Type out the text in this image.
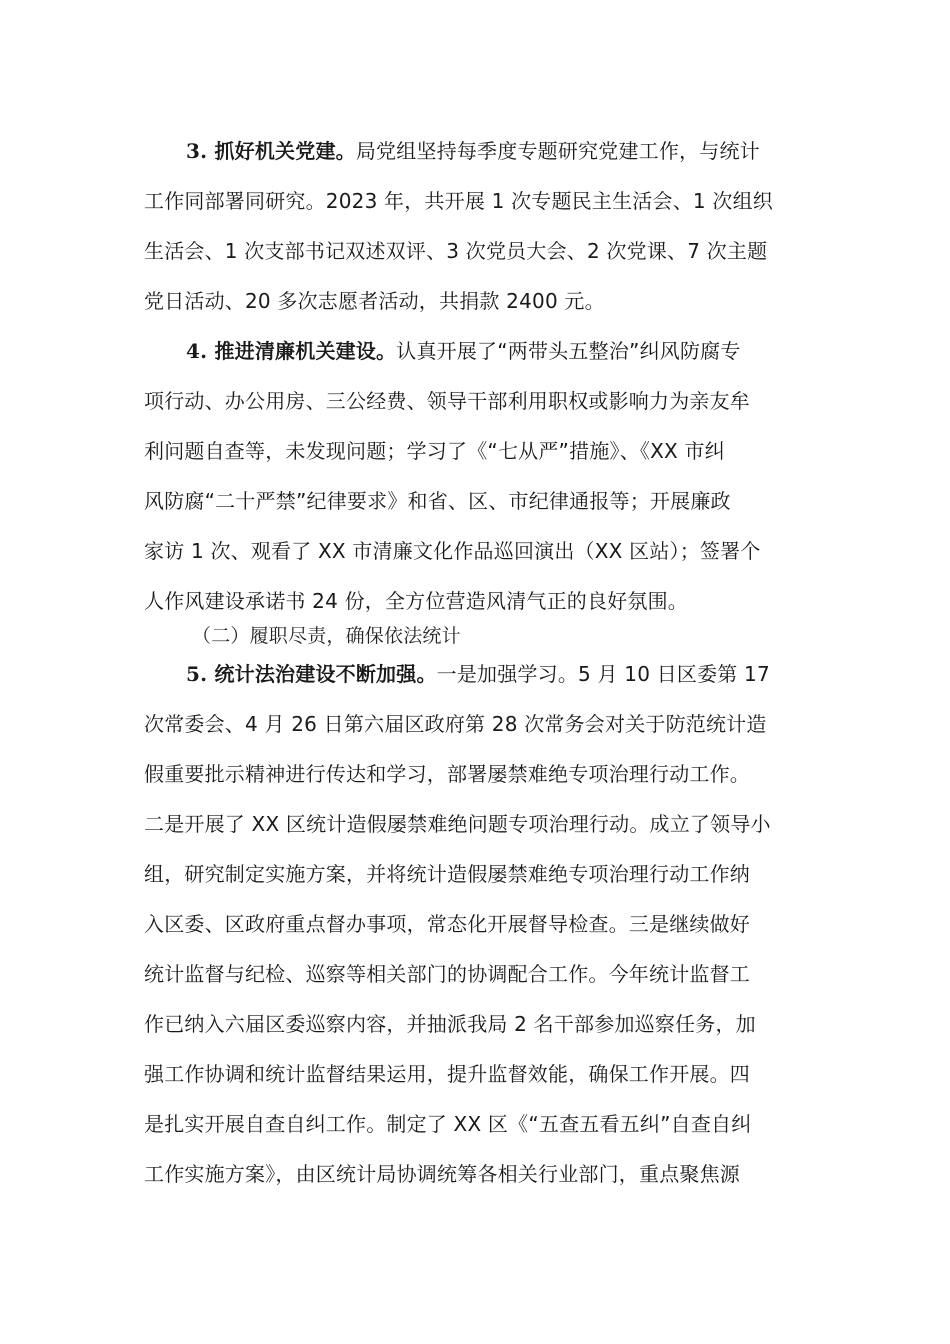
3. 抓好机关党建。局党组坚持每季度专题研究党建工作，与统计
工作同部署同研究。2023 年，共开展 1 次专题民主生活会、1 次组织
生活会、1 次支部书记双述双评、3 次党员大会、2 次党课、7 次主题
党日活动、20 多次志愿者活动，共捐款 2400 元。
4. 推进清廉机关建设。认真开展了“两带头五整治”纠风防腐专
项行动、办公用房、三公经费、领导干部利用职权或影响力为亲友牟
利问题自查等，未发现问题；学习了《“七从严”措施》、《XX 市纠
风防腐“二十严禁”纪律要求》和省、区、市纪律通报等；开展廉政
家访 1 次、观看了 XX 市清廉文化作品巡回演出（XX 区站）；签署个
人作风建设承诺书 24 份，全方位营造风清气正的良好氛围。
（二）履职尽责，确保依法统计
5. 统计法治建设不断加强。一是加强学习。5 月 10 日区委第 17
次常委会、4 月 26 日第六届区政府第 28 次常务会对关于防范统计造
假重要批示精神进行传达和学习，部署屡禁难绝专项治理行动工作。
二是开展了 XX 区统计造假屡禁难绝问题专项治理行动。成立了领导小
组，研究制定实施方案，并将统计造假屡禁难绝专项治理行动工作纳
入区委、区政府重点督办事项，常态化开展督导检查。三是继续做好
统计监督与纪检、巡察等相关部门的协调配合工作。今年统计监督工
作已纳入六届区委巡察内容，并抽派我局 2 名干部参加巡察任务，加
强工作协调和统计监督结果运用，提升监督效能，确保工作开展。四
是扎实开展自查自纠工作。制定了 XX 区《“五查五看五纠”自查自纠
工作实施方案》，由区统计局协调统筹各相关行业部门，重点聚焦源
